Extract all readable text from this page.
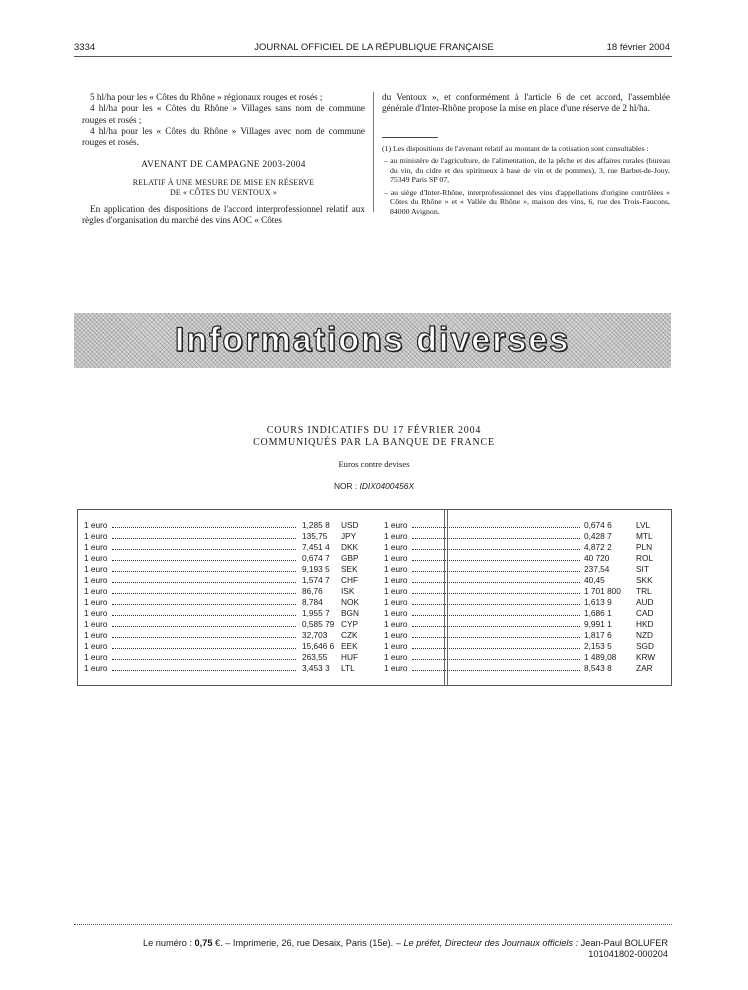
3334	JOURNAL OFFICIEL DE LA RÉPUBLIQUE FRANÇAISE	18 février 2004

5 hl/ha pour les « Côtes du Rhône » régionaux rouges et rosés ;

4 hl/ha pour les « Côtes du Rhône » Villages sans nom de commune rouges et rosés ;

4 hl/ha pour les « Côtes du Rhône » Villages avec nom de commune rouges et rosés.

AVENANT DE CAMPAGNE 2003-2004
RELATIF À UNE MESURE DE MISE EN RÉSERVE
DE « CÔTES DU VENTOUX »

En application des dispositions de l'accord interprofessionnel relatif aux règles d'organisation du marché des vins AOC « Côtes

du Ventoux », et conformément à l'article 6 de cet accord, l'assemblée générale d'Inter-Rhône propose la mise en place d'une réserve de 2 hl/ha.

(1) Les dispositions de l'avenant relatif au montant de la cotisation sont consultables :

– au ministère de l'agriculture, de l'alimentation, de la pêche et des affaires rurales (bureau du vin, du cidre et des spiritueux à base de vin et de pommes), 3, rue Barbet-de-Jouy, 75349 Paris SP 07,

– au siège d'Inter-Rhône, interprofessionnel des vins d'appellations d'origine contrôlées « Côtes du Rhône » et « Vallée du Rhône », maison des vins, 6, rue des Trois-Faucons, 84000 Avignon.

Informations diverses
COURS INDICATIFS DU 17 FÉVRIER 2004
COMMUNIQUÉS PAR LA BANQUE DE FRANCE
Euros contre devises
NOR : IDIX0400456X
1 euro	1,285 8 USD
1 euro	135,75 JPY
1 euro	7,451 4 DKK
1 euro	0,674 7 GBP
1 euro	9,193 5 SEK
1 euro	1,574 7 CHF
1 euro	86,76 ISK
1 euro	8,784 NOK
1 euro	1,955 7 BGN
1 euro	0,585 79 CYP
1 euro	32,703 CZK
1 euro	15,646 6 EEK
1 euro	263,55 HUF
1 euro	3,453 3 LTL
1 euro	0,674 6	LVL
1 euro	0,428 7	MTL
1 euro	4,872 2	PLN
1 euro	40 720	ROL
1 euro	237,54	SIT
1 euro	40,45	SKK
1 euro	1 701 800 TRL
1 euro	1,613 9	AUD
1 euro	1,686 1	CAD
1 euro	9,991 1	HKD
1 euro	1,817 6	NZD
1 euro	2,153 5	SGD
1 euro	1 489,08 KRW
1 euro	8,543 8	ZAR
Le numéro : 0,75 €. – Imprimerie, 26, rue Desaix, Paris (15e). – Le préfet, Directeur des Journaux officiels : Jean-Paul BOLUFER
101041802-000204
